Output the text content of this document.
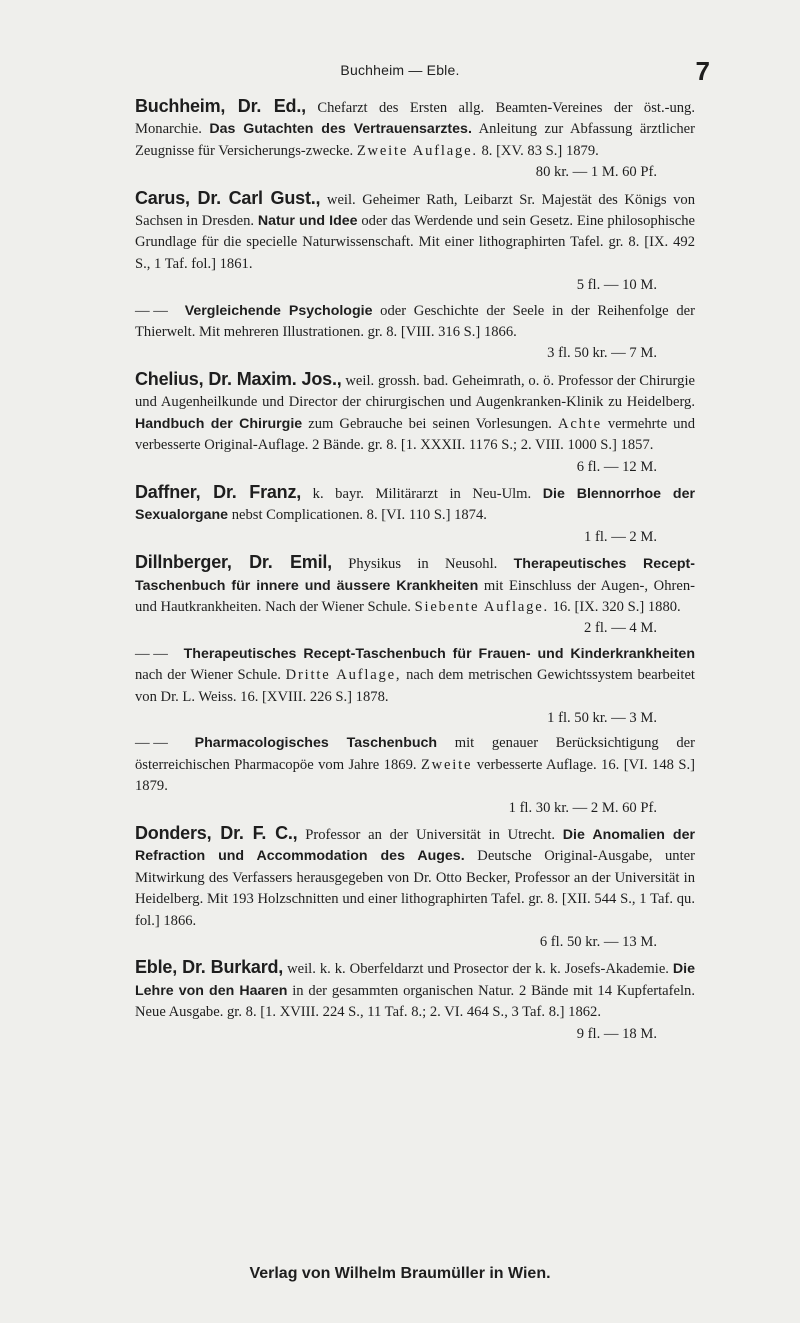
Buchheim — Eble.	7
Buchheim, Dr. Ed., Chefarzt des Ersten allg. Beamten-Vereines der öst.-ung. Monarchie. Das Gutachten des Vertrauensarztes. Anleitung zur Abfassung ärztlicher Zeugnisse für Versicherungs-zwecke. Zweite Auflage. 8. [XV. 83 S.] 1879.
80 kr. — 1 M. 60 Pf.
Carus, Dr. Carl Gust., weil. Geheimer Rath, Leibarzt Sr. Majestät des Königs von Sachsen in Dresden. Natur und Idee oder das Werdende und sein Gesetz. Eine philosophische Grundlage für die specielle Naturwissenschaft. Mit einer lithographirten Tafel. gr. 8. [IX. 492 S., 1 Taf. fol.] 1861.
5 fl. — 10 M.
— — Vergleichende Psychologie oder Geschichte der Seele in der Reihenfolge der Thierwelt. Mit mehreren Illustrationen. gr. 8. [VIII. 316 S.] 1866.
3 fl. 50 kr. — 7 M.
Chelius, Dr. Maxim. Jos., weil. grossh. bad. Geheimrath, o. ö. Professor der Chirurgie und Augenheilkunde und Director der chirurgischen und Augenkranken-Klinik zu Heidelberg. Handbuch der Chirurgie zum Gebrauche bei seinen Vorlesungen. Achte vermehrte und verbesserte Original-Auflage. 2 Bände. gr. 8. [1. XXXII. 1176 S.; 2. VIII. 1000 S.] 1857.
6 fl. — 12 M.
Daffner, Dr. Franz, k. bayr. Militärarzt in Neu-Ulm. Die Blennorrhoe der Sexualorgane nebst Complicationen. 8. [VI. 110 S.] 1874.
1 fl. — 2 M.
Dillnberger, Dr. Emil, Physikus in Neusohl. Therapeutisches Recept-Taschenbuch für innere und äussere Krankheiten mit Einschluss der Augen-, Ohren- und Hautkrankheiten. Nach der Wiener Schule. Siebente Auflage. 16. [IX. 320 S.] 1880.
2 fl. — 4 M.
— — Therapeutisches Recept-Taschenbuch für Frauen- und Kinderkrankheiten nach der Wiener Schule. Dritte Auflage, nach dem metrischen Gewichtssystem bearbeitet von Dr. L. Weiss. 16. [XVIII. 226 S.] 1878.
1 fl. 50 kr. — 3 M.
— — Pharmacologisches Taschenbuch mit genauer Berücksichtigung der österreichischen Pharmacopöe vom Jahre 1869. Zweite verbesserte Auflage. 16. [VI. 148 S.] 1879.
1 fl. 30 kr. — 2 M. 60 Pf.
Donders, Dr. F. C., Professor an der Universität in Utrecht. Die Anomalien der Refraction und Accommodation des Auges. Deutsche Original-Ausgabe, unter Mitwirkung des Verfassers herausgegeben von Dr. Otto Becker, Professor an der Universität in Heidelberg. Mit 193 Holzschnitten und einer lithographirten Tafel. gr. 8. [XII. 544 S., 1 Taf. qu. fol.] 1866.
6 fl. 50 kr. — 13 M.
Eble, Dr. Burkard, weil. k. k. Oberfeldarzt und Prosector der k. k. Josefs-Akademie. Die Lehre von den Haaren in der gesammten organischen Natur. 2 Bände mit 14 Kupfertafeln. Neue Ausgabe. gr. 8. [1. XVIII. 224 S., 11 Taf. 8.; 2. VI. 464 S., 3 Taf. 8.] 1862.
9 fl. — 18 M.
Verlag von Wilhelm Braumüller in Wien.
